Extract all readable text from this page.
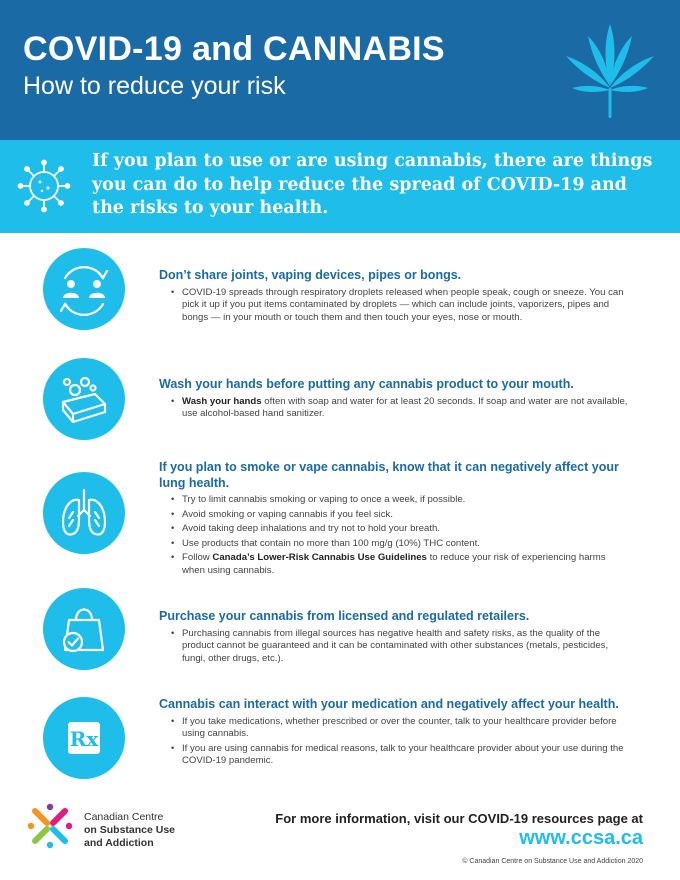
COVID-19 and CANNABIS
How to reduce your risk

If you plan to use or are using cannabis, there are things you can do to help reduce the spread of COVID-19 and the risks to your health.

Don’t share joints, vaping devices, pipes or bongs.
• COVID-19 spreads through respiratory droplets released when people speak, cough or sneeze. You can pick it up if you put items contaminated by droplets — which can include joints, vaporizers, pipes and bongs — in your mouth or touch them and then touch your eyes, nose or mouth.
Wash your hands before putting any cannabis product to your mouth.
• Wash your hands often with soap and water for at least 20 seconds. If soap and water are not available, use alcohol-based hand sanitizer.
If you plan to smoke or vape cannabis, know that it can negatively affect your lung health.
• Try to limit cannabis smoking or vaping to once a week, if possible.
• Avoid smoking or vaping cannabis if you feel sick.
• Avoid taking deep inhalations and try not to hold your breath.
• Use products that contain no more than 100 mg/g (10%) THC content.
• Follow Canada’s Lower-Risk Cannabis Use Guidelines to reduce your risk of experiencing harms when using cannabis.
Purchase your cannabis from licensed and regulated retailers.
• Purchasing cannabis from illegal sources has negative health and safety risks, as the quality of the product cannot be guaranteed and it can be contaminated with other substances (metals, pesticides, fungi, other drugs, etc.).
Rx
Cannabis can interact with your medication and negatively affect your health.
• If you take medications, whether prescribed or over the counter, talk to your healthcare provider before using cannabis.
• If you are using cannabis for medical reasons, talk to your healthcare provider about your use during the COVID-19 pandemic.
Canadian Centre
on Substance Use
and Addiction
For more information, visit our COVID-19 resources page at
www.ccsa.ca
© Canadian Centre on Substance Use and Addiction 2020
